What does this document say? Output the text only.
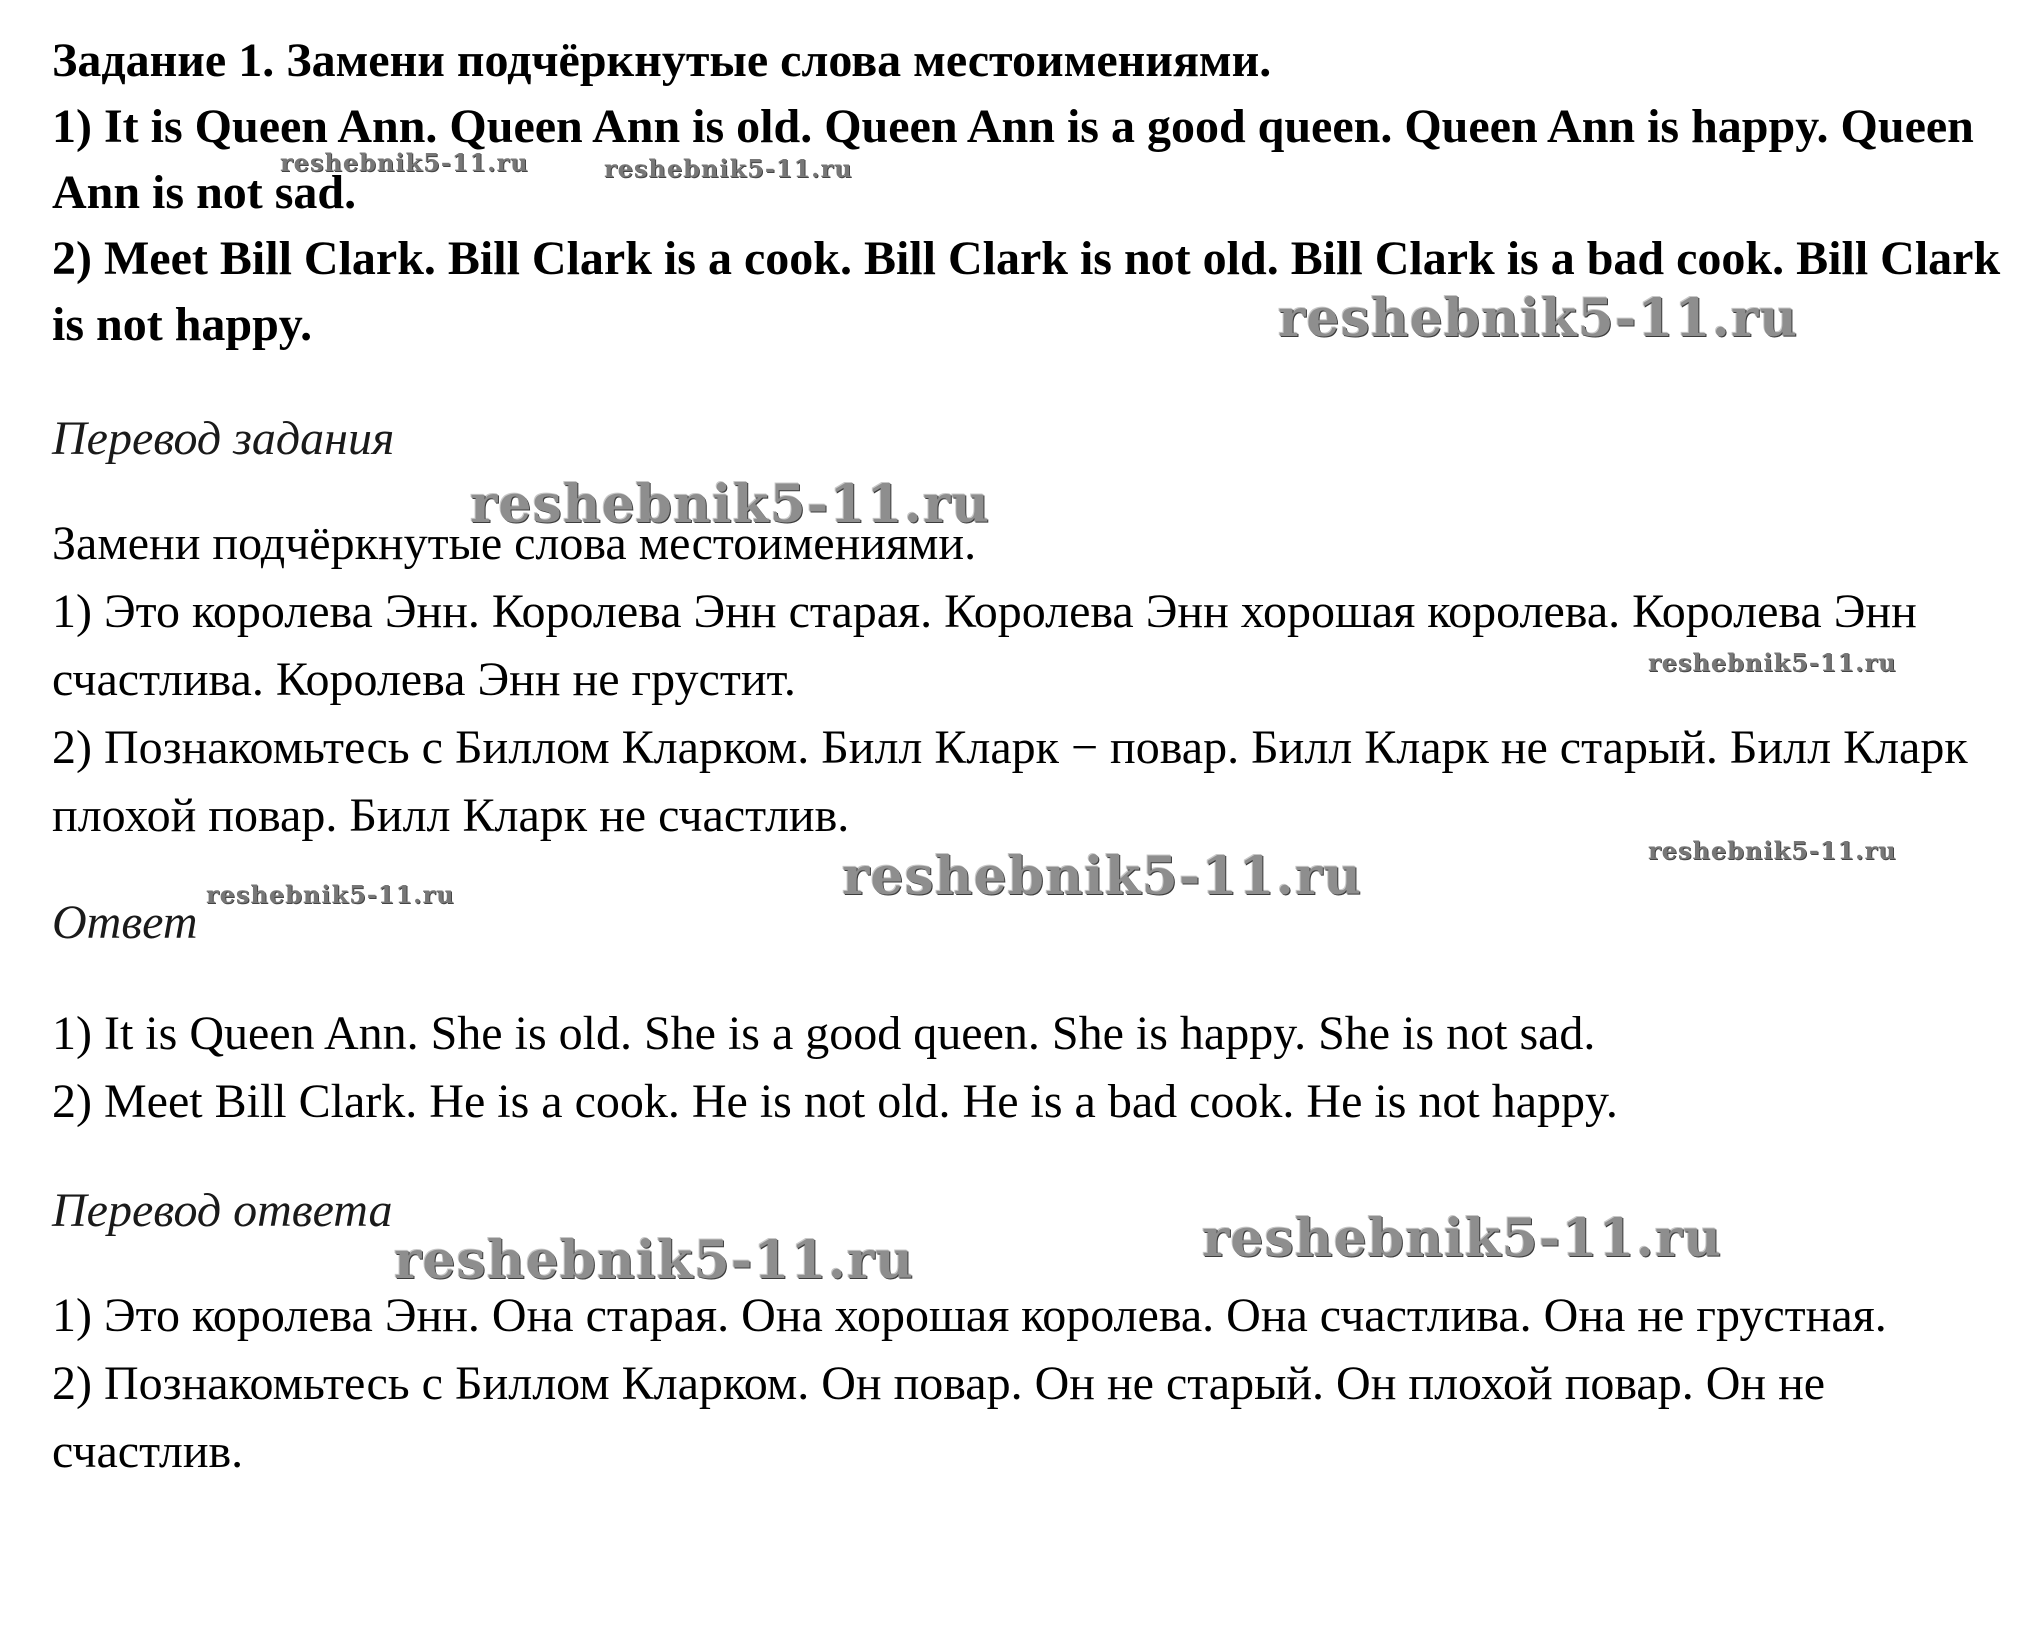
Задание 1. Замени подчёркнутые слова местоимениями.

1) It is Queen Ann. Queen Ann is old. Queen Ann is a good queen. Queen Ann is happy. Queen Ann is not sad.

2) Meet Bill Clark. Bill Clark is a cook. Bill Clark is not old. Bill Clark is a bad cook. Bill Clark is not happy.

Перевод задания

Замени подчёркнутые слова местоимениями.

1) Это королева Энн. Королева Энн старая. Королева Энн хорошая королева. Королева Энн счастлива. Королева Энн не грустит.

2) Познакомьтесь с Биллом Кларком. Билл Кларк − повар. Билл Кларк не старый. Билл Кларк плохой повар. Билл Кларк не счастлив.

Ответ

1) It is Queen Ann. She is old. She is a good queen. She is happy. She is not sad.

2) Meet Bill Clark. He is a cook. He is not old. He is a bad cook. He is not happy.

Перевод ответа

1) Это королева Энн. Она старая. Она хорошая королева. Она счастлива. Она не грустная.

2) Познакомьтесь с Биллом Кларком. Он повар. Он не старый. Он плохой повар. Он не счастлив.

reshebnik5-11.ru	reshebnik5-11.ru
reshebnik5-11.ru
reshebnik5-11.ru
reshebnik5-11.ru
reshebnik5-11.ru
reshebnik5-11.ru	reshebnik5-11.ru
reshebnik5-11.ru
reshebnik5-11.ru
